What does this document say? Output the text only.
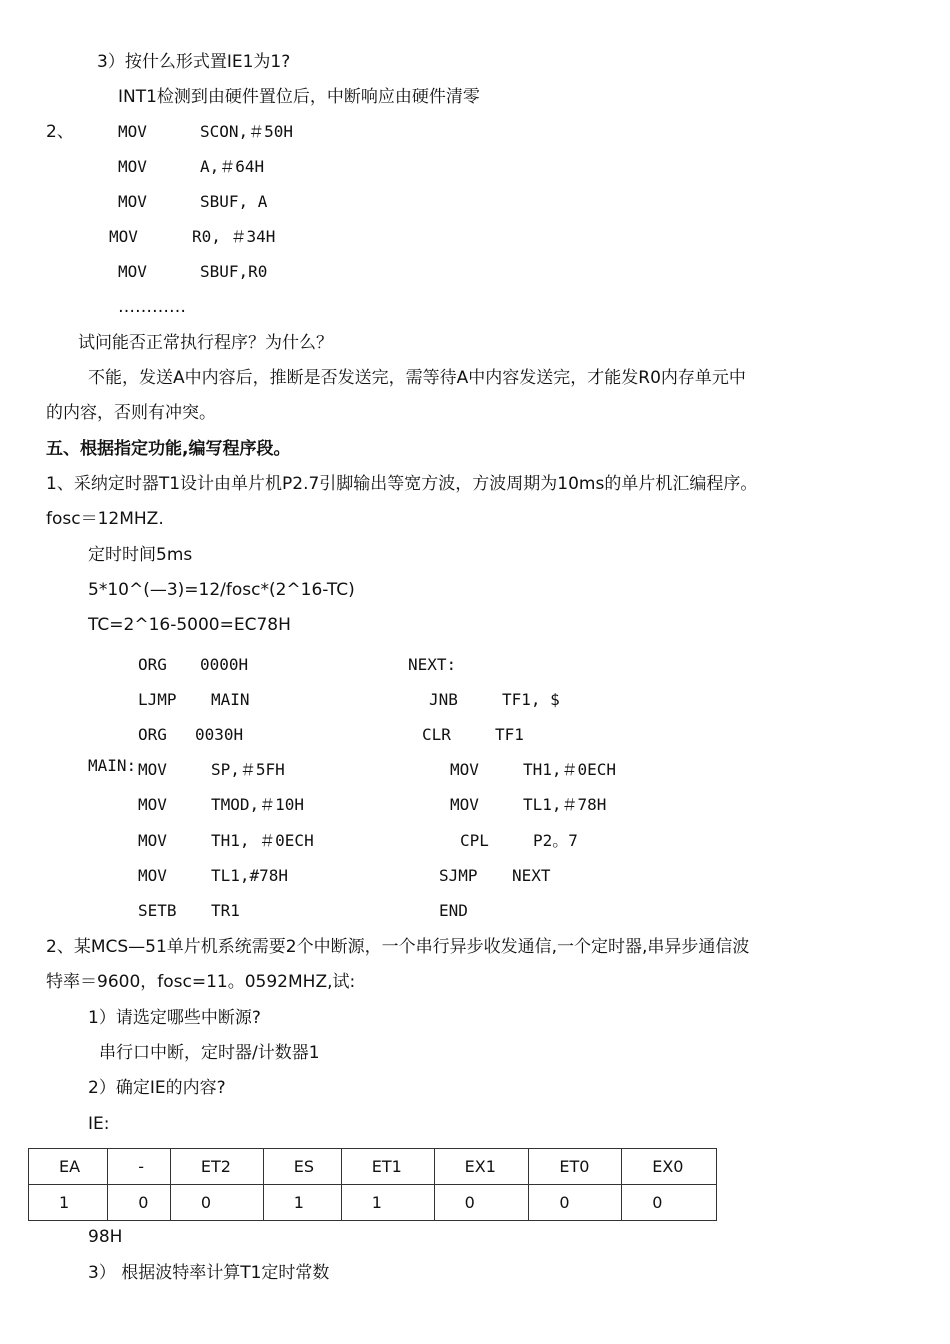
3）按什么形式置IE1为1?
INT1检测到由硬件置位后，中断响应由硬件清零
2、	MOV	SCON,＃50H
MOV	A,＃64H
MOV	SBUF, A
MOV	R0, ＃34H
MOV	SBUF,R0
…………
试问能否正常执行程序？为什么？
不能，发送A中内容后，推断是否发送完，需等待A中内容发送完，才能发R0内存单元中
的内容，否则有冲突。
五、根据指定功能,编写程序段。
1、采纳定时器T1设计由单片机P2.7引脚输出等宽方波，方波周期为10ms的单片机汇编程序。
fosc＝12MHZ.
定时时间5ms
5*10^(—3)=12/fosc*(2^16-TC)
TC=2^16-5000=EC78H
MAIN:
ORG 0000H
LJMP MAIN
ORG 0030H
MOV	SP,＃5FH
MOV	TMOD,＃10H
MOV	TH1, ＃0ECH
MOV	TL1,#78H
SETB TR1
NEXT:
JNB	TF1, $
CLR	TF1
MOV	TH1,＃0ECH
MOV	TL1,＃78H
CPL	P2。7
SJMP NEXT
END
2、某MCS—51单片机系统需要2个中断源，一个串行异步收发通信,一个定时器,串异步通信波
特率＝9600，fosc=11。0592MHZ,试:
1）请选定哪些中断源?
串行口中断，定时器/计数器1
2）确定IE的内容?
IE:
EA	-	ET2	ES	ET1	EX1	ET0	EX0
1	0	0	1	1	0	0	0
98H
3） 根据波特率计算T1定时常数
